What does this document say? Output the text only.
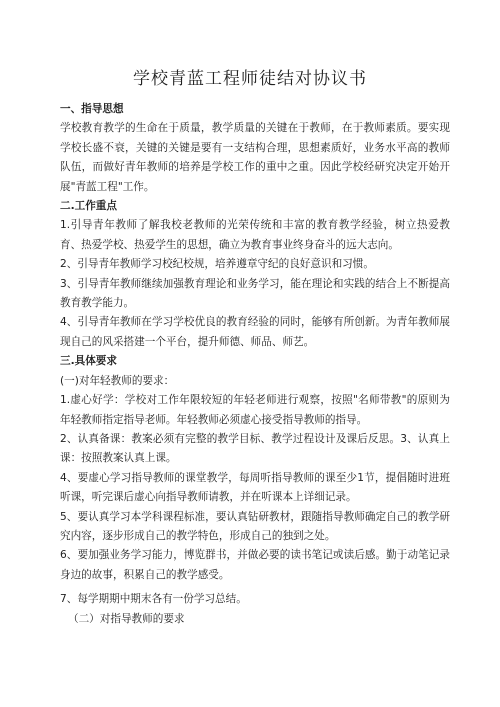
学校青蓝工程师徒结对协议书

一、指导思想

学校教育教学的生命在于质量，教学质量的关键在于教师，在于教师素质。要实现学校长盛不衰，关键的关键是要有一支结构合理，思想素质好，业务水平高的教师队伍，而做好青年教师的培养是学校工作的重中之重。因此学校经研究决定开始开展"青蓝工程"工作。

二.工作重点

1.引导青年教师了解我校老教师的光荣传统和丰富的教育教学经验，树立热爱教育、热爱学校、热爱学生的思想，确立为教育事业终身奋斗的远大志向。

2、引导青年教师学习校纪校规，培养遵章守纪的良好意识和习惯。

3、引导青年教师继续加强教育理论和业务学习，能在理论和实践的结合上不断提高教育教学能力。

4、引导青年教师在学习学校优良的教育经验的同时，能够有所创新。为青年教师展现自己的风采搭建一个平台，提升师德、师品、师艺。

三.具体要求

(一)对年轻教师的要求：

1.虚心好学：学校对工作年限较短的年轻老师进行观察，按照"名师带教"的原则为年轻教师指定指导老师。年轻教师必须虚心接受指导教师的指导。

2、认真备课：教案必须有完整的教学目标、教学过程设计及课后反思。3、认真上课：按照教案认真上课。

4、要虚心学习指导教师的课堂教学，每周听指导教师的课至少1节，提倡随时进班听课，听完课后虚心向指导教师请教，并在听课本上详细记录。

5、要认真学习本学科课程标准，要认真钻研教材，跟随指导教师确定自己的教学研究内容，逐步形成自己的教学特色，形成自己的独到之处。

6、要加强业务学习能力，博览群书，并做必要的读书笔记或读后感。勤于动笔记录身边的故事，积累自己的教学感受。

7、每学期期中期末各有一份学习总结。

（二）对指导教师的要求
